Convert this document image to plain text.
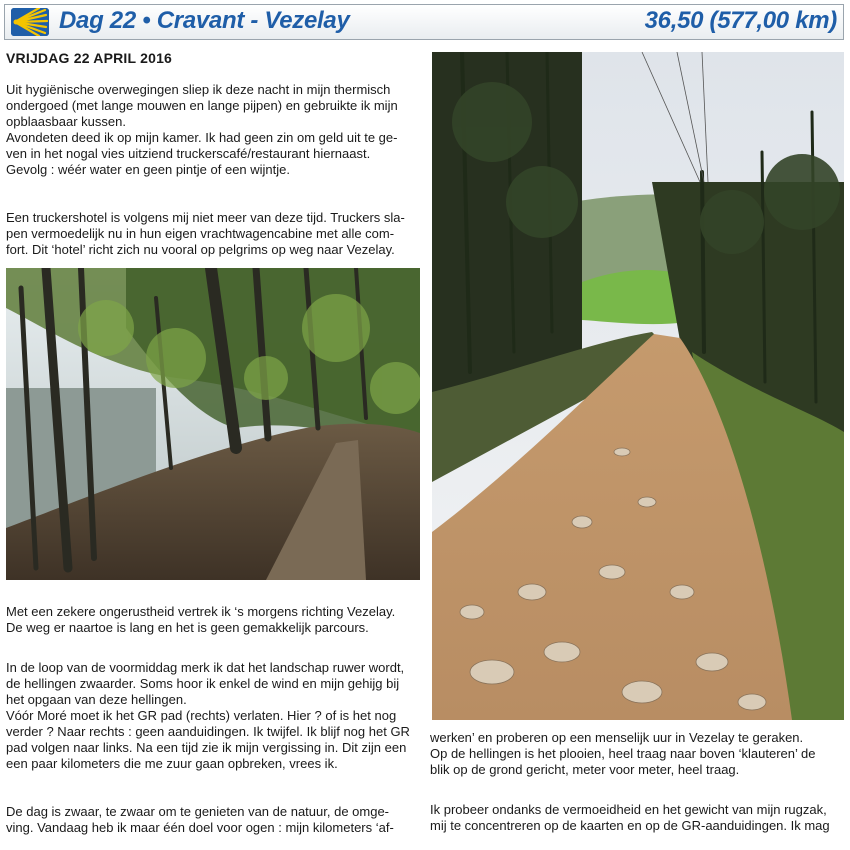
Dag 22 • Cravant - Vezelay	36,50 (577,00 km)
VRIJDAG 22 APRIL 2016

Uit hygiënische overwegingen sliep ik deze nacht in mijn thermisch
ondergoed (met lange mouwen en lange pijpen) en gebruikte ik mijn
opblaasbaar kussen.
Avondeten deed ik op mijn kamer. Ik had geen zin om geld uit te ge-
ven in het nogal vies uitziend truckerscafé/restaurant hiernaast.
Gevolg : wéér water en geen pintje of een wijntje.

Een truckershotel is volgens mij niet meer van deze tijd. Truckers sla-
pen vermoedelijk nu in hun eigen vrachtwagencabine met alle com-
fort. Dit ‘hotel’ richt zich nu vooral op pelgrims op weg naar Vezelay.

Met een zekere ongerustheid vertrek ik ‘s morgens richting Vezelay.
De weg er naartoe is lang en het is geen gemakkelijk parcours.

In de loop van de voormiddag merk ik dat het landschap ruwer wordt,
de hellingen zwaarder. Soms hoor ik enkel de wind en mijn gehijg bij
het opgaan van deze hellingen.
Vóór Moré moet ik het GR pad (rechts) verlaten. Hier ? of is het nog
verder ? Naar rechts : geen aanduidingen. Ik twijfel. Ik blijf nog het GR
pad volgen naar links. Na een tijd zie ik mijn vergissing in. Dit zijn een
een paar kilometers die me zuur gaan opbreken, vrees ik.

De dag is zwaar, te zwaar om te genieten van de natuur, de omge-
ving. Vandaag heb ik maar één doel voor ogen : mijn kilometers ‘af-

werken’ en proberen op een menselijk uur in Vezelay te geraken.
Op de hellingen is het plooien, heel traag naar boven ‘klauteren’ de
blik op de grond gericht, meter voor meter, heel traag.

Ik probeer ondanks de vermoeidheid en het gewicht van mijn rugzak,
mij te concentreren op de kaarten en op de GR-aanduidingen. Ik mag
